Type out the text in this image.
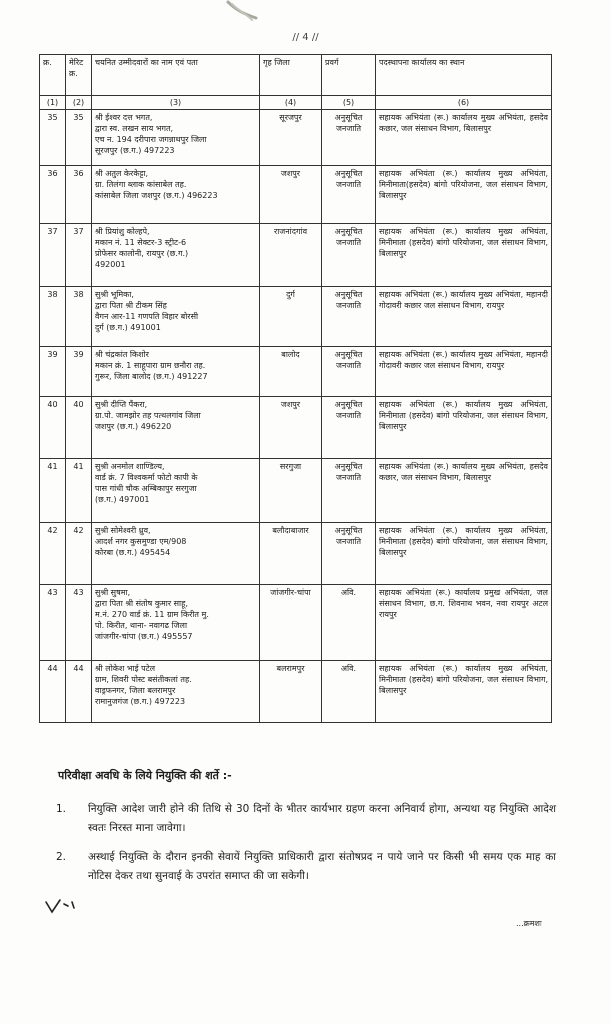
// 4 //
क्र.	मेरिट क्र.	चयनित उम्मीदवारों का नाम एवं पता	गृह जिला	प्रवर्ग	पदस्थापना कार्यालय का स्थान
(1)	(2)	(3)	(4)	(5)	(6)
35	35	श्री ईश्वर दत्त भगत,
द्वारा स्व. लखन साय भगत,
एच न. 194 दरीपारा जगन्नाथपुर जिला
सूरजपुर (छ.ग.) 497223	सूरजपुर	अनुसूचित जनजाति	सहायक अभियंता (रू.) कार्यालय मुख्य अभियंता, हसदेव कछार, जल संसाधन विभाग, बिलासपुर
36	36	श्री अतुल केरकेट्टा,
ग्रा. तिलंगा ब्लाक कांसाबेल तह.
कांसाबेल जिला जशपुर (छ.ग.) 496223	जशपुर	अनुसूचित जनजाति	सहायक अभियंता (रू.) कार्यालय मुख्य अभियंता, मिनीमाता(हसदेव) बांगो परियोजना, जल संसाधन विभाग, बिलासपुर
37	37	श्री प्रियांशु कोल्हपे,
मकान नं. 11 सेक्टर-3 स्ट्रीट-6
प्रोफेसर कालोनी, रायपुर (छ.ग.)
492001	राजनांदगांव	अनुसूचित जनजाति	सहायक अभियंता (रू.) कार्यालय मुख्य अभियंता, मिनीमाता (हसदेव) बांगो परियोजना, जल संसाधन विभाग, बिलासपुर
38	38	सुश्री भूमिका,
द्वारा पिता श्री टीकम सिंह
वैगन आर-11 गणपति विहार बोरसी
दुर्ग (छ.ग.) 491001	दुर्ग	अनुसूचित जनजाति	सहायक अभियंता (रू.) कार्यालय मुख्य अभियंता, महानदी गोदावरी कछार जल संसाधन विभाग, रायपुर
39	39	श्री चंद्रकांत किशोर
मकान क्रं. 1 साहूपारा ग्राम छनौरा तह.
गुरूर, जिला बालोद (छ.ग.) 491227	बालोद	अनुसूचित जनजाति	सहायक अभियंता (रू.) कार्यालय मुख्य अभियंता, महानदी गोदावरी कछार जल संसाधन विभाग, रायपुर
40	40	सुश्री दीप्ति पैंकरा,
ग्रा.पो. जामझोर तह पत्थलगांव जिला
जशपुर (छ.ग.) 496220	जशपुर	अनुसूचित जनजाति	सहायक अभियंता (रू.) कार्यालय मुख्य अभियंता, मिनीमाता (हसदेव) बांगो परियोजना, जल संसाधन विभाग, बिलासपुर
41	41	सुश्री अनमोल शाण्डिल्य,
वार्ड क्रं. 7 विश्वकर्मा फोटो कापी के
पास गांधी चौक अम्बिकापुर सरगुजा
(छ.ग.) 497001	सरगुजा	अनुसूचित जनजाति	सहायक अभियंता (रू.) कार्यालय मुख्य अभियंता, हसदेव कछार, जल संसाधन विभाग, बिलासपुर
42	42	सुश्री सोमेश्वरी ध्रुव,
आदर्श नगर कुसमुण्डा एम/908
कोरबा (छ.ग.) 495454	बलौदाबाजार	अनुसूचित जनजाति	सहायक अभियंता (रू.) कार्यालय मुख्य अभियंता, मिनीमाता (हसदेव) बांगो परियोजना, जल संसाधन विभाग, बिलासपुर
43	43	सुश्री सुषमा,
द्वारा पिता श्री संतोष कुमार साहू,
म.नं. 270 वार्ड क्रं. 11 ग्राम किरीत मु.
पो. किरीत, थाना- नवागढ जिला
जांजगीर-चांपा (छ.ग.) 495557	जांजगीर-चांपा	अवि.	सहायक अभियंता (रू.) कार्यालय प्रमुख अभियंता, जल संसाधन विभाग, छ.ग. शिवनाथ भवन, नवा रायपुर अटल रायपुर
44	44	श्री लोकेश भाई पटेल
ग्राम, शिवरी पोस्ट बसंतीकलां तह.
वाड्रफनगर, जिला बलरामपुर
रामानुजगंज (छ.ग.) 497223	बलरामपुर	अवि.	सहायक अभियंता (रू.) कार्यालय मुख्य अभियंता, मिनीमाता (हसदेव) बांगो परियोजना, जल संसाधन विभाग, बिलासपुर
परिवीक्षा अवधि के लिये नियुक्ति की शर्ते :-
1.	नियुक्ति आदेश जारी होने की तिथि से 30 दिनों के भीतर कार्यभार ग्रहण करना अनिवार्य होगा, अन्यथा यह नियुक्ति आदेश स्वतः निरस्त माना जावेगा।
2.	अस्थाई नियुक्ति के दौरान इनकी सेवायें नियुक्ति प्राधिकारी द्वारा संतोषप्रद न पाये जाने पर किसी भी समय एक माह का नोटिस देकर तथा सुनवाई के उपरांत समाप्त की जा सकेगी।
...क्रमशः
